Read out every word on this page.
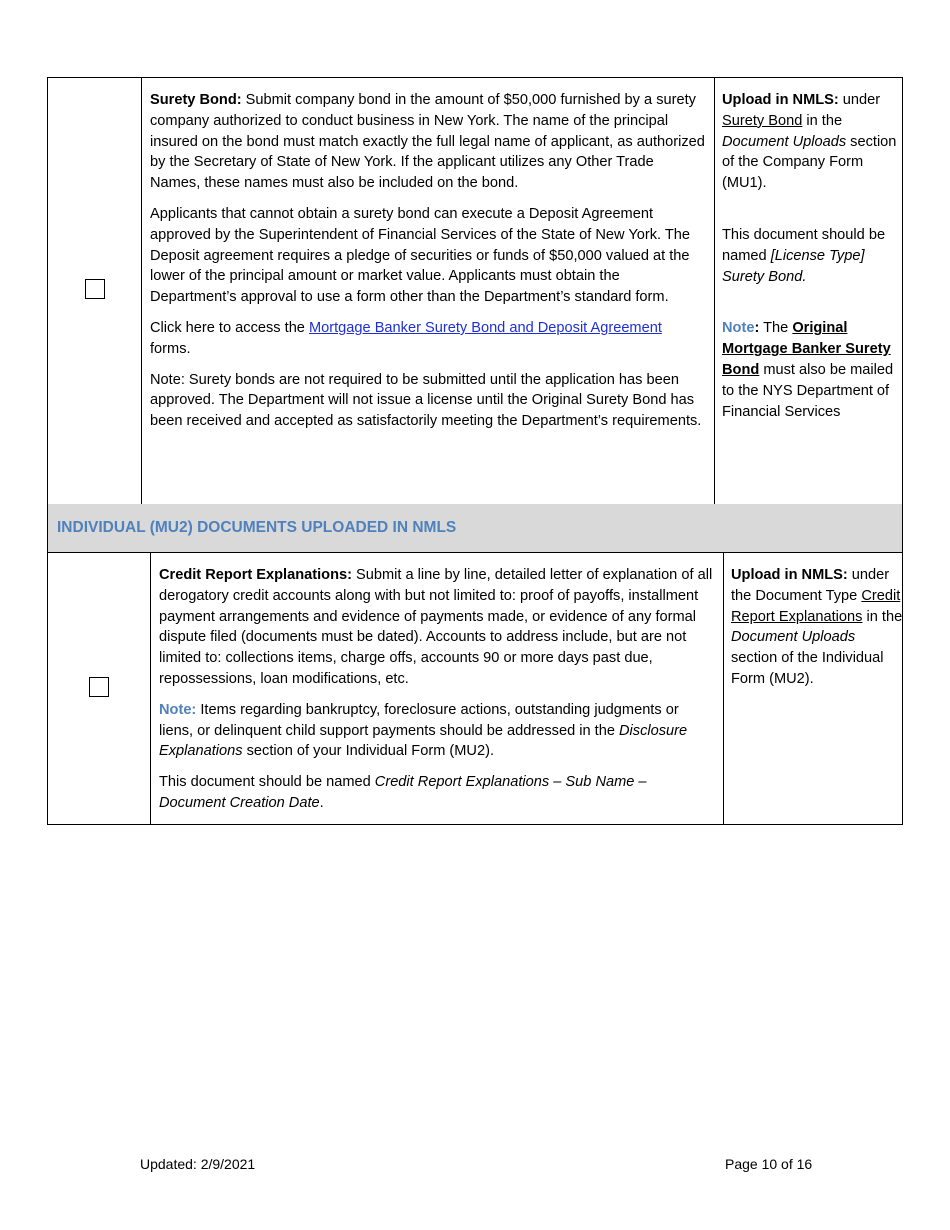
Surety Bond: Submit company bond in the amount of $50,000 furnished by a surety company authorized to conduct business in New York. The name of the principal insured on the bond must match exactly the full legal name of applicant, as authorized by the Secretary of State of New York. If the applicant utilizes any Other Trade Names, these names must also be included on the bond.

Applicants that cannot obtain a surety bond can execute a Deposit Agreement approved by the Superintendent of Financial Services of the State of New York. The Deposit agreement requires a pledge of securities or funds of $50,000 valued at the lower of the principal amount or market value. Applicants must obtain the Department’s approval to use a form other than the Department’s standard form.

Click here to access the Mortgage Banker Surety Bond and Deposit Agreement forms.

Note: Surety bonds are not required to be submitted until the application has been approved. The Department will not issue a license until the Original Surety Bond has been received and accepted as satisfactorily meeting the Department’s requirements.

Upload in NMLS: under Surety Bond in the Document Uploads section of the Company Form (MU1).

This document should be named [License Type] Surety Bond.

Note: The Original Mortgage Banker Surety Bond must also be mailed to the NYS Department of Financial Services

INDIVIDUAL (MU2) DOCUMENTS UPLOADED IN NMLS

Credit Report Explanations: Submit a line by line, detailed letter of explanation of all derogatory credit accounts along with but not limited to: proof of payoffs, installment payment arrangements and evidence of payments made, or evidence of any formal dispute filed (documents must be dated). Accounts to address include, but are not limited to: collections items, charge offs, accounts 90 or more days past due, repossessions, loan modifications, etc.

Note: Items regarding bankruptcy, foreclosure actions, outstanding judgments or liens, or delinquent child support payments should be addressed in the Disclosure Explanations section of your Individual Form (MU2).

This document should be named Credit Report Explanations – Sub Name – Document Creation Date.

Upload in NMLS: under the Document Type Credit Report Explanations in the Document Uploads section of the Individual Form (MU2).

Updated: 2/9/2021	Page 10 of 16
